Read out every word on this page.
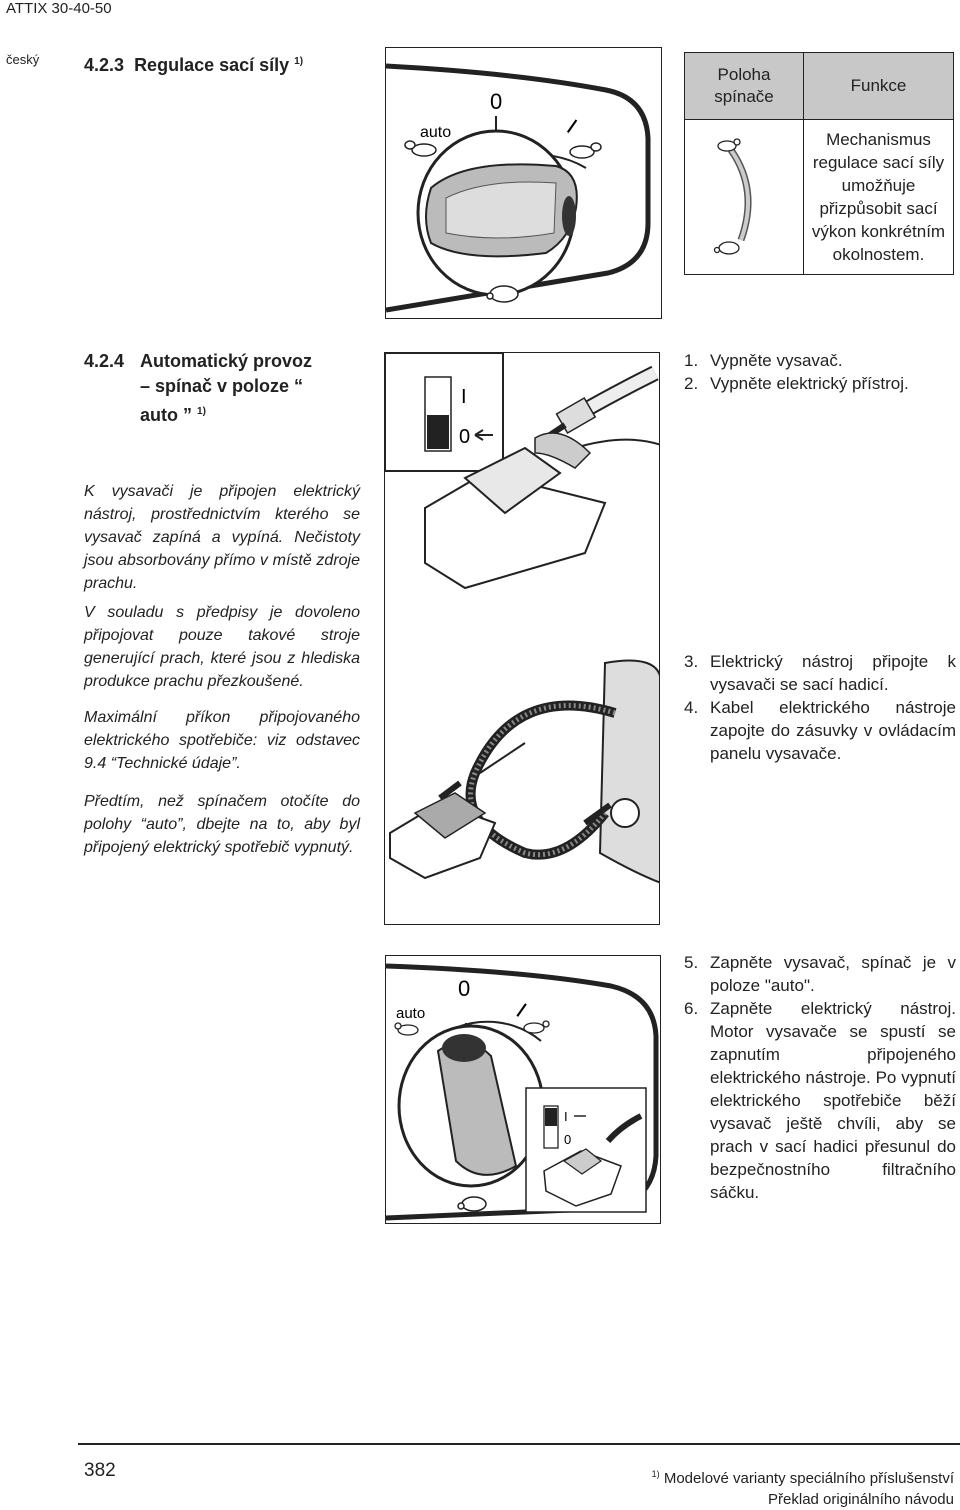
ATTIX 30-40-50
český 4.2.3 Regulace sací síly $^{1)}$
auto
0
I
Poloha spínače	Funkce
	Mechanismus regulace sací síly umožňuje přizpůsobit sací výkon konkrétním okolnostem.
4.2.4 Automatický provoz
– spínač v poloze “
auto ” $^{1)}$
K vysavači je připojen elektrický nástroj, prostřednictvím kterého se vysavač zapíná a vypíná. Nečistoty jsou absorbovány přímo v místě zdroje prachu.
V souladu s předpisy je dovoleno připojovat pouze takové stroje generující prach, které jsou z hlediska produkce prachu přezkoušené.
Maximální příkon připojovaného elektrického spotřebiče: viz odstavec 9.4 “Technické údaje”.
Předtím, než spínačem otočíte do polohy “auto”, dbejte na to, aby byl připojený elektrický spotřebič vypnutý.
I
0
1. Vypněte vysavač.
2. Vypněte elektrický přístroj.
3. Elektrický nástroj připojte k vysavači se sací hadicí.
4. Kabel elektrického nástroje zapojte do zásuvky v ovládacím panelu vysavače.
auto
0
I
I
0
5. Zapněte vysavač, spínač je v poloze "auto".
6. Zapněte elektrický nástroj. Motor vysavače se spustí se zapnutím připojeného elektrického nástroje. Po vypnutí elektrického spotřebiče běží vysavač ještě chvíli, aby se prach v sací hadici přesunul do bezpečnostního filtračního sáčku.
382	$^{1)}$ Modelové varianty speciálního příslušenství
Překlad originálního návodu
